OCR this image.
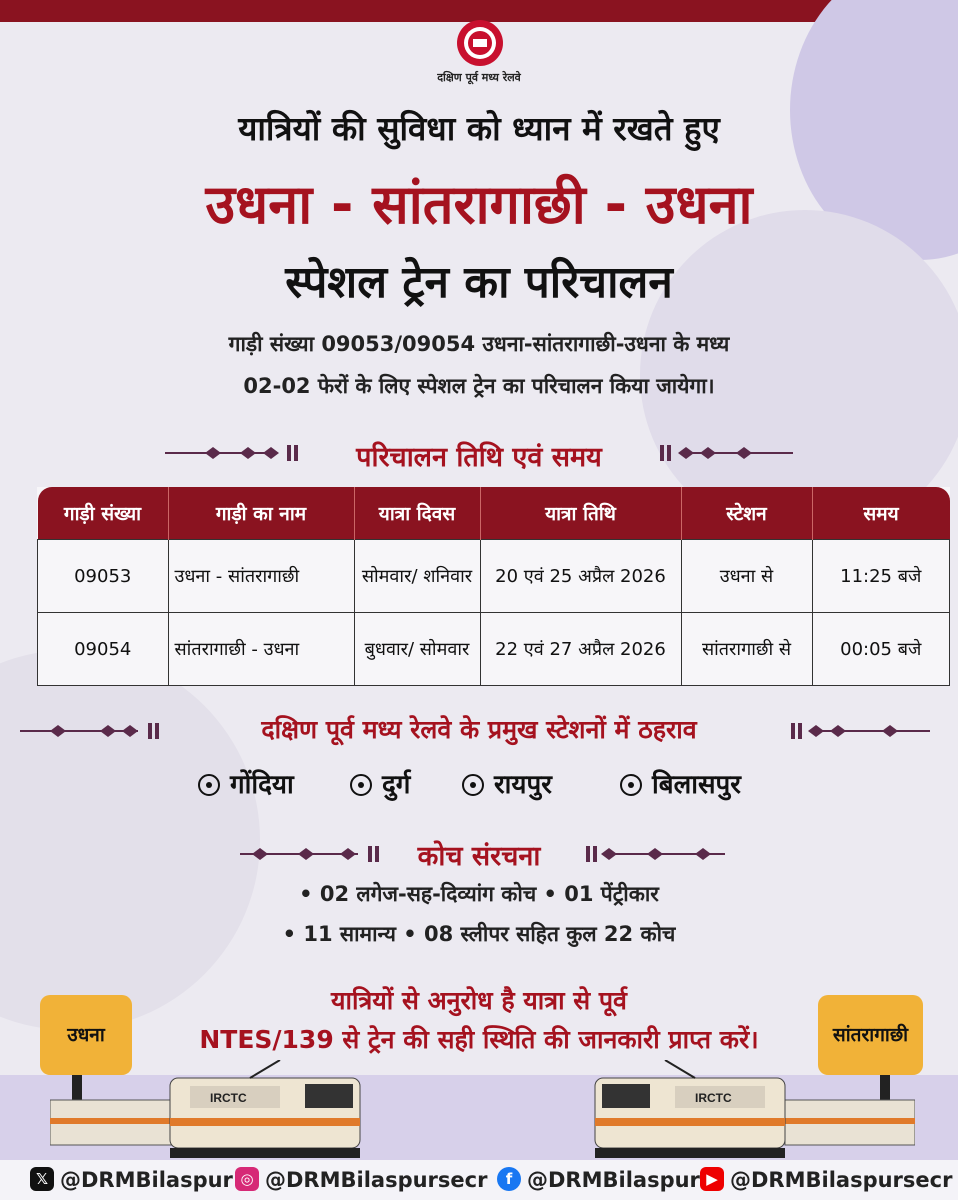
दक्षिण पूर्व मध्य रेलवे
यात्रियों की सुविधा को ध्यान में रखते हुए
उधना - सांतरागाछी - उधना
स्पेशल ट्रेन का परिचालन
गाड़ी संख्या 09053/09054 उधना-सांतरागाछी-उधना के मध्य
02-02 फेरों के लिए स्पेशल ट्रेन का परिचालन किया जायेगा।
परिचालन तिथि एवं समय
गाड़ी संख्या	गाड़ी का नाम	यात्रा दिवस	यात्रा तिथि	स्टेशन	समय
09053	उधना - सांतरागाछी	सोमवार/ शनिवार	20 एवं 25 अप्रैल 2026	उधना से	11:25 बजे
09054	सांतरागाछी - उधना	बुधवार/ सोमवार	22 एवं 27 अप्रैल 2026	सांतरागाछी से	00:05 बजे
दक्षिण पूर्व मध्य रेलवे के प्रमुख स्टेशनों में ठहराव
गोंदिया	दुर्ग	रायपुर	बिलासपुर
कोच संरचना
• 02 लगेज-सह-दिव्यांग कोच • 01 पेंट्रीकार
• 11 सामान्य • 08 स्लीपर सहित कुल 22 कोच
यात्रियों से अनुरोध है यात्रा से पूर्व
NTES/139 से ट्रेन की सही स्थिति की जानकारी प्राप्त करें।
उधना	सांतरागाछी
IRCTC	IRCTC
𝕏 @DRMBilaspur ◎ @DRMBilaspursecr	f @DRMBilaspur ▶ @DRMBilaspursecr
